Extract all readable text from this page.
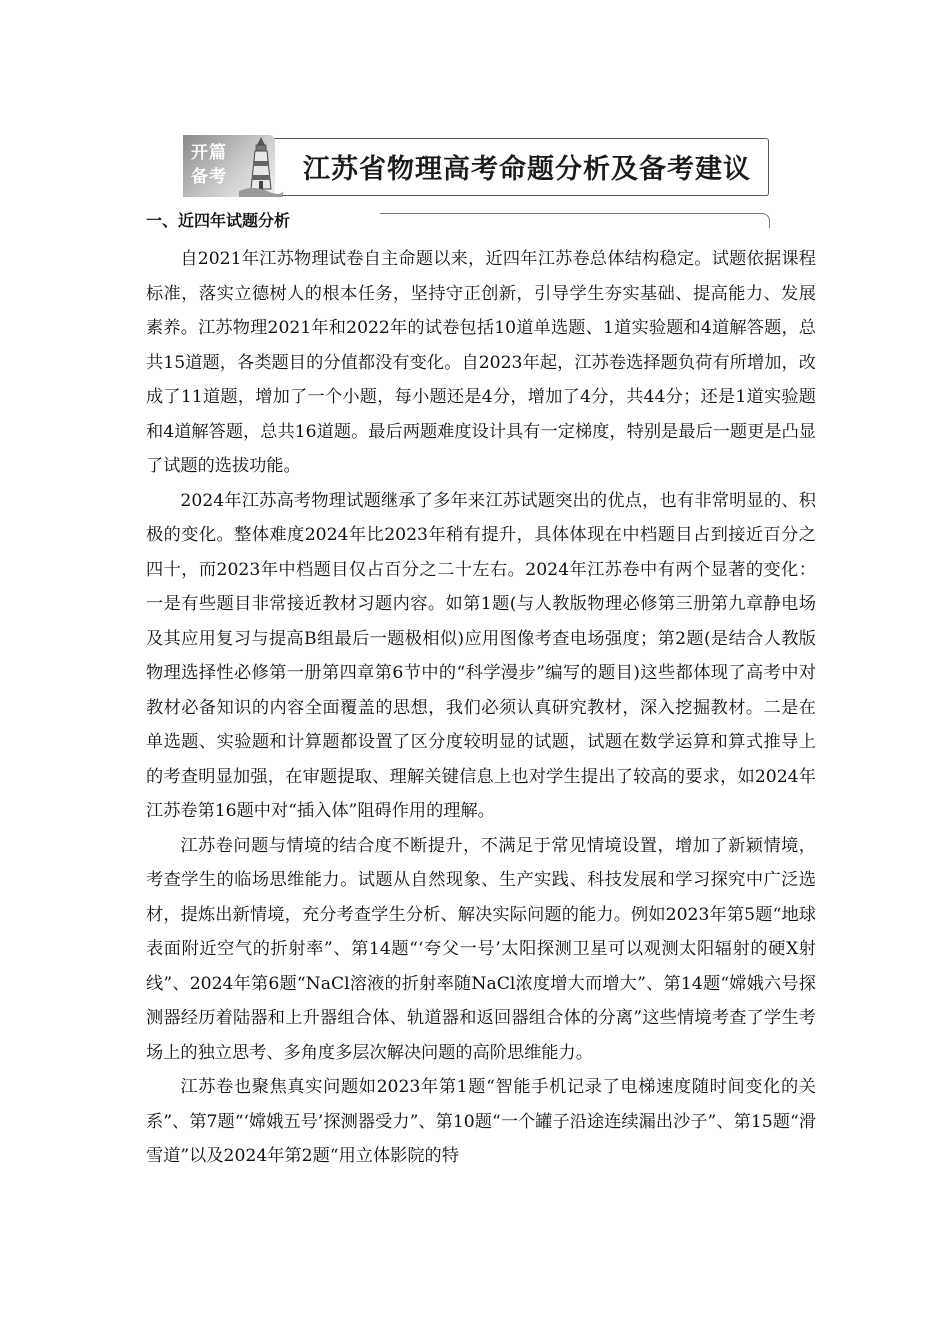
开篇
备考	江苏省物理高考命题分析及备考建议
一、近四年试题分析

自2021年江苏物理试卷自主命题以来，近四年江苏卷总体结构稳定。试题依据课程标准，落实立德树人的根本任务，坚持守正创新，引导学生夯实基础、提高能力、发展素养。江苏物理2021年和2022年的试卷包括10道单选题、1道实验题和4道解答题，总共15道题，各类题目的分值都没有变化。自2023年起，江苏卷选择题负荷有所增加，改成了11道题，增加了一个小题，每小题还是4分，增加了4分，共44分；还是1道实验题和4道解答题，总共16道题。最后两题难度设计具有一定梯度，特别是最后一题更是凸显了试题的选拔功能。

2024年江苏高考物理试题继承了多年来江苏试题突出的优点，也有非常明显的、积极的变化。整体难度2024年比2023年稍有提升，具体体现在中档题目占到接近百分之四十，而2023年中档题目仅占百分之二十左右。2024年江苏卷中有两个显著的变化：一是有些题目非常接近教材习题内容。如第1题(与人教版物理必修第三册第九章静电场及其应用复习与提高B组最后一题极相似)应用图像考查电场强度；第2题(是结合人教版物理选择性必修第一册第四章第6节中的“科学漫步”编写的题目)这些都体现了高考中对教材必备知识的内容全面覆盖的思想，我们必须认真研究教材，深入挖掘教材。二是在单选题、实验题和计算题都设置了区分度较明显的试题，试题在数学运算和算式推导上的考查明显加强，在审题提取、理解关键信息上也对学生提出了较高的要求，如2024年江苏卷第16题中对“插入体”阻碍作用的理解。

江苏卷问题与情境的结合度不断提升，不满足于常见情境设置，增加了新颖情境，考查学生的临场思维能力。试题从自然现象、生产实践、科技发展和学习探究中广泛选材，提炼出新情境，充分考查学生分析、解决实际问题的能力。例如2023年第5题“地球表面附近空气的折射率”、第14题“‘夸父一号’太阳探测卫星可以观测太阳辐射的硬X射线”、2024年第6题“NaCl溶液的折射率随NaCl浓度增大而增大”、第14题“嫦娥六号探测器经历着陆器和上升器组合体、轨道器和返回器组合体的分离”这些情境考查了学生考场上的独立思考、多角度多层次解决问题的高阶思维能力。

江苏卷也聚焦真实问题如2023年第1题“智能手机记录了电梯速度随时间变化的关系”、第7题“‘嫦娥五号’探测器受力”、第10题“一个罐子沿途连续漏出沙子”、第15题“滑雪道”以及2024年第2题“用立体影院的特
